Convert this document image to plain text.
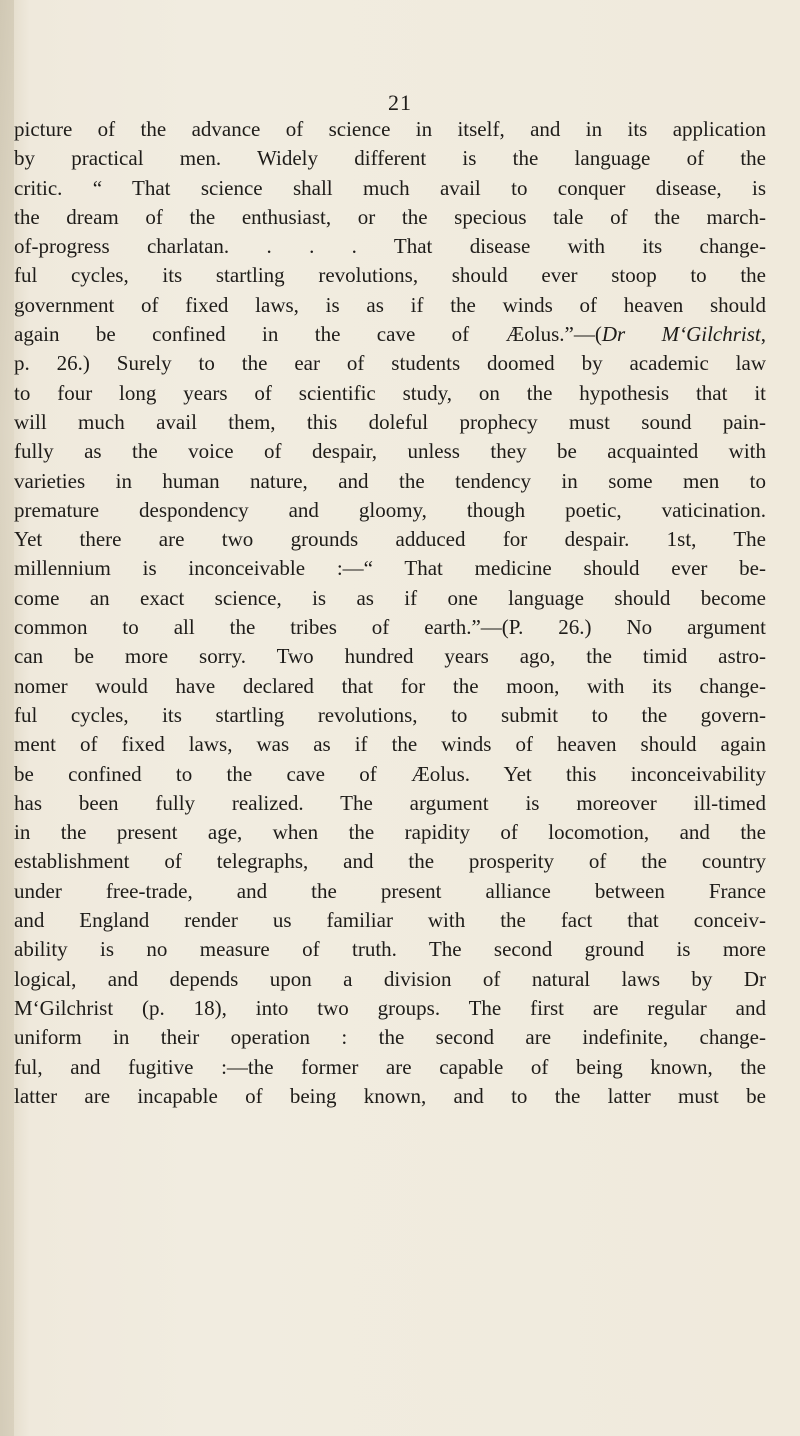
21
picture of the advance of science in itself, and in its application
by practical men. Widely different is the language of the
critic. “ That science shall much avail to conquer disease, is
the dream of the enthusiast, or the specious tale of the march-
of-progress charlatan. . . . That disease with its change-
ful cycles, its startling revolutions, should ever stoop to the
government of fixed laws, is as if the winds of heaven should
again be confined in the cave of Æolus.”—(Dr M‘Gilchrist,
p. 26.) Surely to the ear of students doomed by academic law
to four long years of scientific study, on the hypothesis that it
will much avail them, this doleful prophecy must sound pain-
fully as the voice of despair, unless they be acquainted with
varieties in human nature, and the tendency in some men to
premature despondency and gloomy, though poetic, vaticination.
Yet there are two grounds adduced for despair. 1st, The
millennium is inconceivable :—“ That medicine should ever be-
come an exact science, is as if one language should become
common to all the tribes of earth.”—(P. 26.) No argument
can be more sorry. Two hundred years ago, the timid astro-
nomer would have declared that for the moon, with its change-
ful cycles, its startling revolutions, to submit to the govern-
ment of fixed laws, was as if the winds of heaven should again
be confined to the cave of Æolus. Yet this inconceivability
has been fully realized. The argument is moreover ill-timed
in the present age, when the rapidity of locomotion, and the
establishment of telegraphs, and the prosperity of the country
under free-trade, and the present alliance between France
and England render us familiar with the fact that conceiv-
ability is no measure of truth. The second ground is more
logical, and depends upon a division of natural laws by Dr
M‘Gilchrist (p. 18), into two groups. The first are regular and
uniform in their operation : the second are indefinite, change-
ful, and fugitive :—the former are capable of being known, the
latter are incapable of being known, and to the latter must be
